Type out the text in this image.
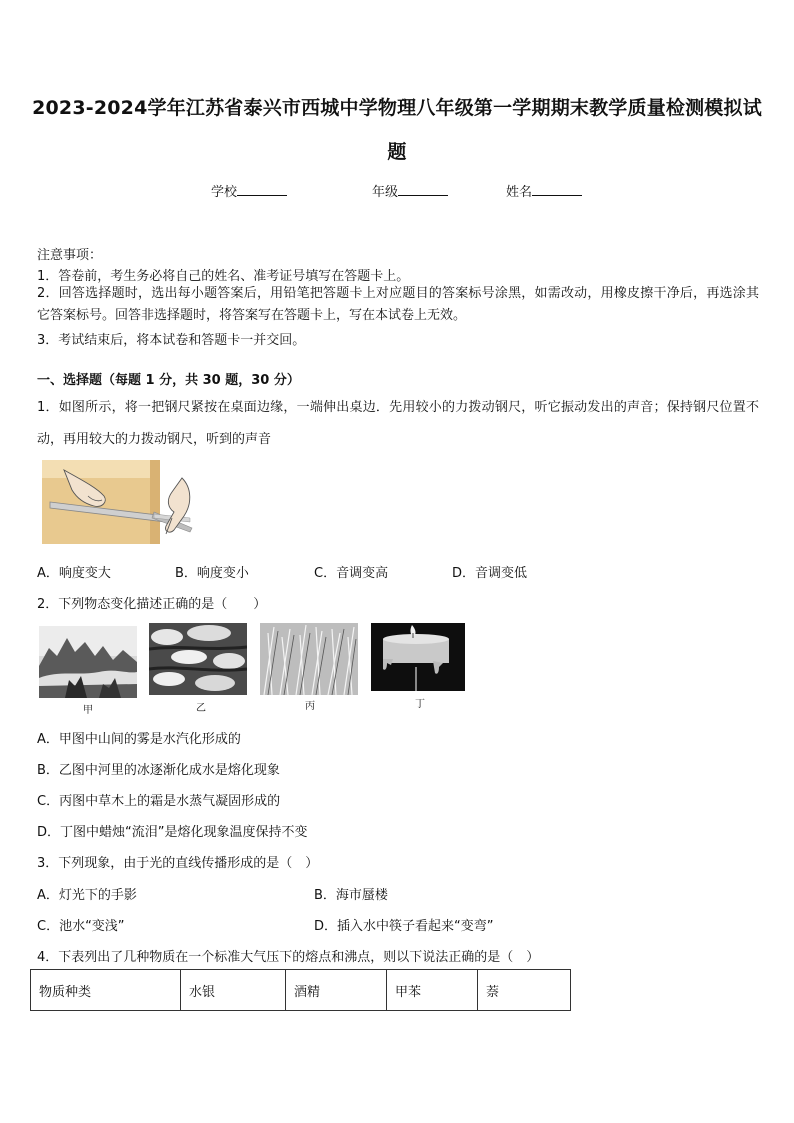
2023-2024学年江苏省泰兴市西城中学物理八年级第一学期期末教学质量检测模拟试
题
学校	年级	姓名
注意事项：
1．答卷前，考生务必将自己的姓名、准考证号填写在答题卡上。
2．回答选择题时，选出每小题答案后，用铅笔把答题卡上对应题目的答案标号涂黑，如需改动，用橡皮擦干净后，再选涂其它答案标号。回答非选择题时，将答案写在答题卡上，写在本试卷上无效。
3．考试结束后，将本试卷和答题卡一并交回。
一、选择题（每题 1 分，共 30 题，30 分）
1．如图所示，将一把钢尺紧按在桌面边缘，一端伸出桌边．先用较小的力拨动钢尺，听它振动发出的声音；保持钢尺位置不动，再用较大的力拨动钢尺，听到的声音
A．响度变大	B．响度变小	C．音调变高	D．音调变低
2．下列物态变化描述正确的是（　　）
甲	乙	丙	丁
A．甲图中山间的雾是水汽化形成的
B．乙图中河里的冰逐渐化成水是熔化现象
C．丙图中草木上的霜是水蒸气凝固形成的
D．丁图中蜡烛“流泪”是熔化现象温度保持不变
3．下列现象，由于光的直线传播形成的是（　）
A．灯光下的手影	B．海市蜃楼
C．池水“变浅”	D．插入水中筷子看起来“变弯”
4．下表列出了几种物质在一个标准大气压下的熔点和沸点，则以下说法正确的是（　）
物质种类	水银	酒精	甲苯	萘
